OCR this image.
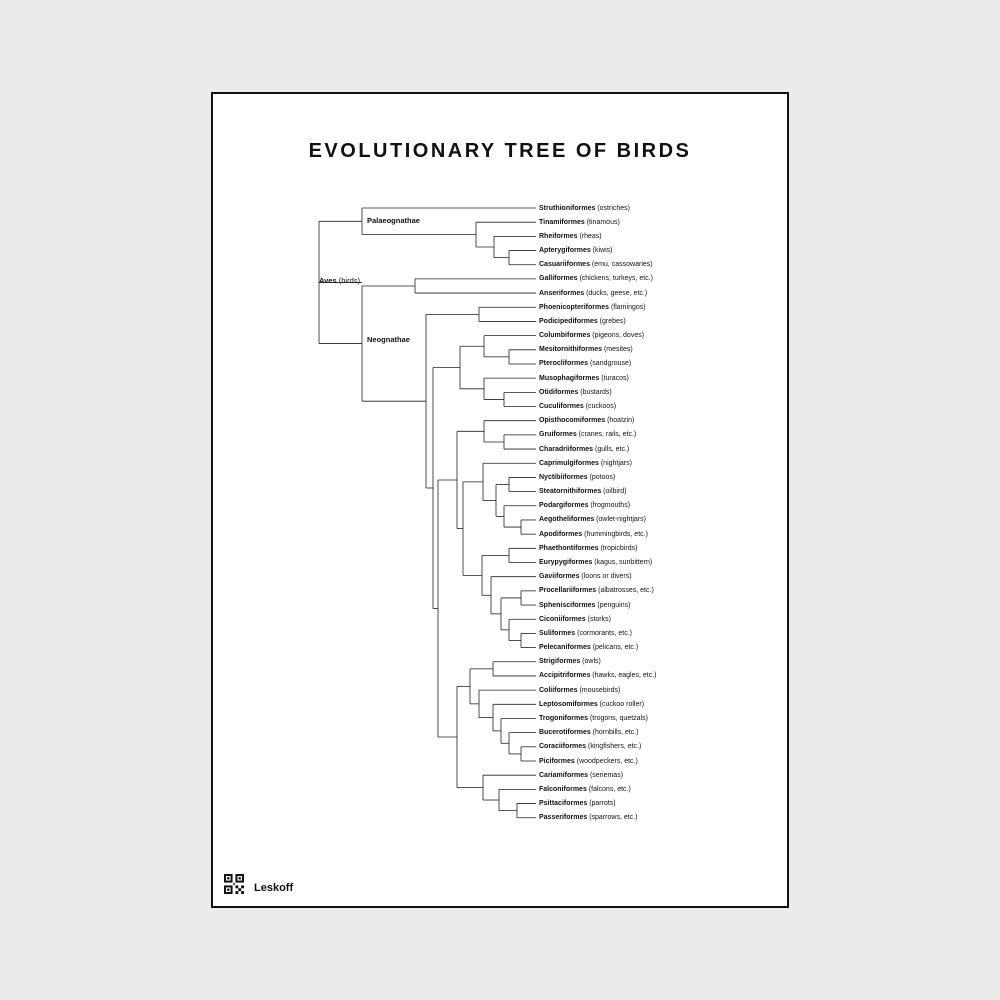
EVOLUTIONARY TREE OF BIRDS
Struthioniformes (ostriches)
Tinamiformes (tinamous)
Rheiformes (rheas)
Apterygiformes (kiwis)
Casuariiformes (emu, cassowaries)
Galliformes (chickens, turkeys, etc.)
Anseriformes (ducks, geese, etc.)
Phoenicopteriformes (flamingos)
Podicipediformes (grebes)
Columbiformes (pigeons, doves)
Mesitornithiformes (mesites)
Pterocliformes (sandgrouse)
Musophagiformes (turacos)
Otidiformes (bustards)
Cuculiformes (cuckoos)
Opisthocomiformes (hoatzin)
Gruiformes (cranes, rails, etc.)
Charadriiformes (gulls, etc.)
Caprimulgiformes (nightjars)
Nyctibiiformes (potoos)
Steatornithiformes (oilbird)
Podargiformes (frogmouths)
Aegotheliformes (owlet-nightjars)
Apodiformes (hummingbirds, etc.)
Phaethontiformes (tropicbirds)
Eurypygiformes (kagus, sunbittern)
Gaviiformes (loons or divers)
Procellariiformes (albatrosses, etc.)
Sphenisciformes (penguins)
Ciconiiformes (storks)
Suliformes (cormorants, etc.)
Pelecaniformes (pelicans, etc.)
Strigiformes (owls)
Accipitriformes (hawks, eagles, etc.)
Coliiformes (mousebirds)
Leptosomiformes (cuckoo roller)
Trogoniformes (trogons, quetzals)
Bucerotiformes (hornbills, etc.)
Coraciiformes (kingfishers, etc.)
Piciformes (woodpeckers, etc.)
Cariamiformes (seriemas)
Falconiformes (falcons, etc.)
Psittaciformes (parrots)
Passeriformes (sparrows, etc.)
Aves (birds)
Palaeognathae
Neognathae
Leskoff
